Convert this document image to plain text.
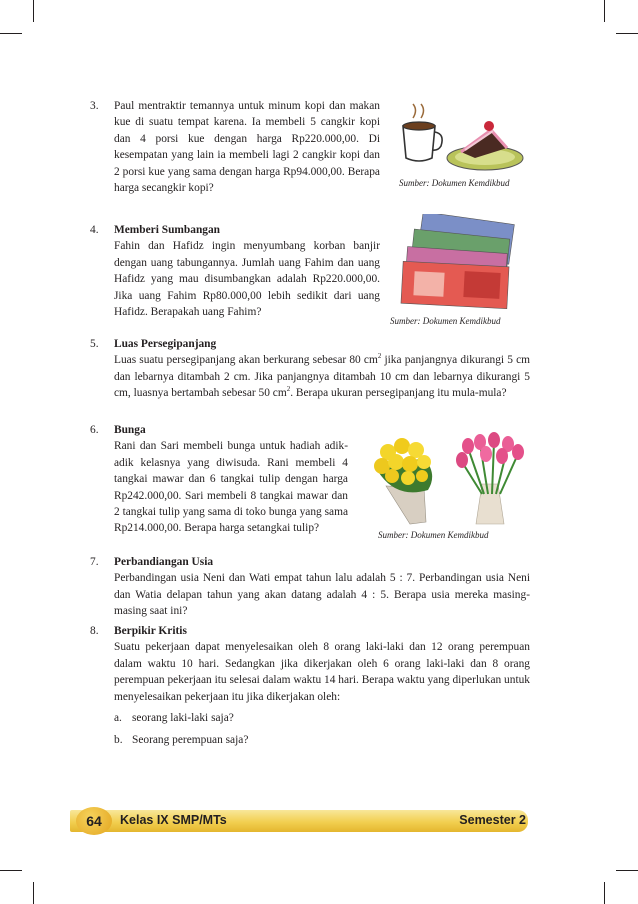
3.	Paul mentraktir temannya untuk minum kopi dan makan kue di suatu tempat karena. Ia membeli 5 cangkir kopi dan 4 porsi kue dengan harga Rp220.000,00. Di kesempatan yang lain ia membeli lagi 2 cangkir kopi dan 2 porsi kue yang sama dengan harga Rp94.000,00. Berapa harga secangkir kopi?	Sumber: Dokumen Kemdikbud
4.	Memberi Sumbangan
Fahin dan Hafidz ingin menyumbang korban banjir dengan uang tabungannya. Jumlah uang Fahim dan uang Hafidz yang mau disumbangkan adalah Rp220.000,00. Jika uang Fahim Rp80.000,00 lebih sedikit dari uang Hafidz. Berapakah uang Fahim?
Sumber: Dokumen Kemdikbud
5.	Luas Persegipanjang
Luas suatu persegipanjang akan berkurang sebesar 80 $cm^2$ jika panjangnya dikurangi 5 cm dan lebarnya ditambah 2 cm. Jika panjangnya ditambah 10 cm dan lebarnya dikurangi 5 cm, luasnya bertambah sebesar 50 $cm^2$. Berapa ukuran persegipanjang itu mula-mula?
6.	Bunga
Rani dan Sari membeli bunga untuk hadiah adik-adik kelasnya yang diwisuda. Rani membeli 4 tangkai mawar dan 6 tangkai tulip dengan harga Rp242.000,00. Sari membeli 8 tangkai mawar dan 2 tangkai tulip yang sama di toko bunga yang sama Rp214.000,00. Berapa harga setangkai tulip?
Sumber: Dokumen Kemdikbud
7.	Perbandiangan Usia
Perbandingan usia Neni dan Wati empat tahun lalu adalah 5 : 7. Perbandingan usia Neni dan Watia delapan tahun yang akan datang adalah 4 : 5. Berapa usia mereka masing-masing saat ini?
8.	Berpikir Kritis
Suatu pekerjaan dapat menyelesaikan oleh 8 orang laki-laki dan 12 orang perempuan dalam waktu 10 hari. Sedangkan jika dikerjakan oleh 6 orang laki-laki dan 8 orang perempuan pekerjaan itu selesai dalam waktu 14 hari. Berapa waktu yang diperlukan untuk menyelesaikan pekerjaan itu jika dikerjakan oleh:
a. seorang laki-laki saja?
b. Seorang perempuan saja?
64	Kelas IX SMP/MTs	Semester 2
